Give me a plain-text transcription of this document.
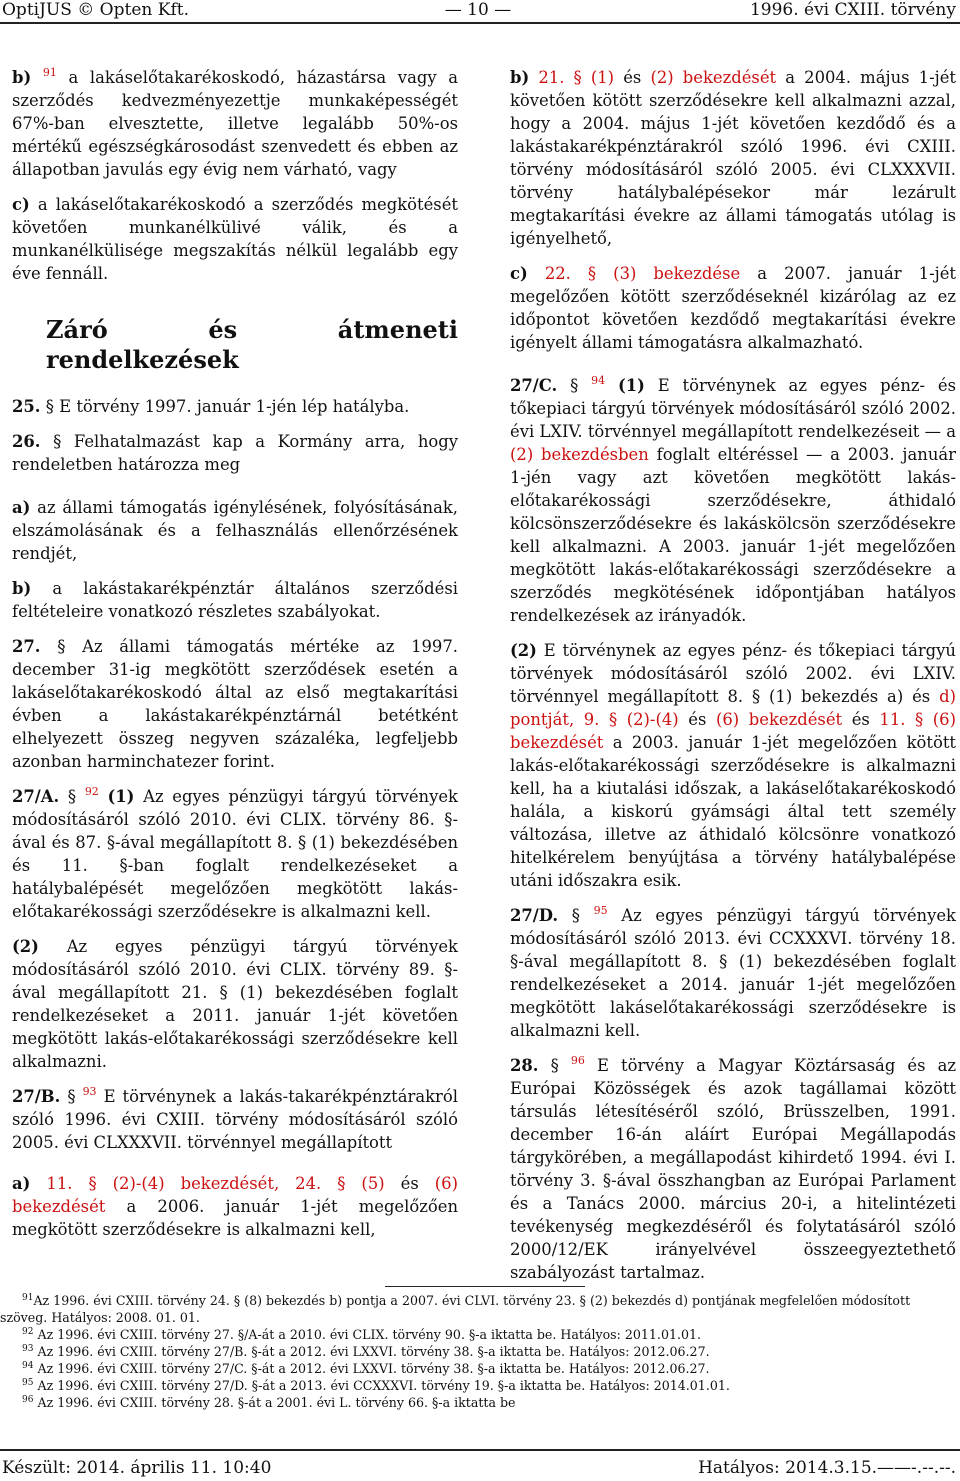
OptiJUS © Opten Kft.	— 10 —	1996. évi CXIII. törvény

b) $^{91}$ a lakáselőtakarékoskodó, házastársa vagy a szerződés kedvezményezettje munkaképességét 67%-ban elvesztette, illetve legalább 50%-os mértékű egészségkárosodást szenvedett és ebben az állapotban javulás egy évig nem várható, vagy

c) a lakáselőtakarékoskodó a szerződés megkötését követően munkanélkülivé válik, és a munkanélkülisége megszakítás nélkül legalább egy éve fennáll.

Záró és átmeneti rendelkezések

25. § E törvény 1997. január 1-jén lép hatályba.

26. § Felhatalmazást kap a Kormány arra, hogy rendeletben határozza meg

a) az állami támogatás igénylésének, folyósításának, elszámolásának és a felhasználás ellenőrzésének rendjét,

b) a lakástakarékpénztár általános szerződési feltételeire vonatkozó részletes szabályokat.

27. § Az állami támogatás mértéke az 1997. december 31-ig megkötött szerződések esetén a lakáselőtakarékoskodó által az első megtakarítási évben a lakástakarékpénztárnál betétként elhelyezett összeg negyven százaléka, legfeljebb azonban harminchatezer forint.

27/A. § $^{92}$ (1) Az egyes pénzügyi tárgyú törvények módosításáról szóló 2010. évi CLIX. törvény 86. §-ával és 87. §-ával megállapított 8. § (1) bekezdésében és 11. §-ban foglalt rendelkezéseket a hatálybalépését megelőzően megkötött lakás-előtakarékossági szerződésekre is alkalmazni kell.

(2) Az egyes pénzügyi tárgyú törvények módosításáról szóló 2010. évi CLIX. törvény 89. §-ával megállapított 21. § (1) bekezdésében foglalt rendelkezéseket a 2011. január 1-jét követően megkötött lakás-előtakarékossági szerződésekre kell alkalmazni.

27/B. § $^{93}$ E törvénynek a lakás-takarékpénztárakról szóló 1996. évi CXIII. törvény módosításáról szóló 2005. évi CLXXXVII. törvénnyel megállapított

a) 11. § (2)-(4) bekezdését, 24. § (5) és (6) bekezdését a 2006. január 1-jét megelőzően megkötött szerződésekre is alkalmazni kell,

b) 21. § (1) és (2) bekezdését a 2004. május 1-jét követően kötött szerződésekre kell alkalmazni azzal, hogy a 2004. május 1-jét követően kezdődő és a lakástakarékpénztárakról szóló 1996. évi CXIII. törvény módosításáról szóló 2005. évi CLXXXVII. törvény hatálybalépésekor már lezárult megtakarítási évekre az állami támogatás utólag is igényelhető,

c) 22. § (3) bekezdése a 2007. január 1-jét megelőzően kötött szerződéseknél kizárólag az ez időpontot követően kezdődő megtakarítási évekre igényelt állami támogatásra alkalmazható.

27/C. § $^{94}$ (1) E törvénynek az egyes pénz- és tőkepiaci tárgyú törvények módosításáról szóló 2002. évi LXIV. törvénnyel megállapított rendelkezéseit — a (2) bekezdésben foglalt eltéréssel — a 2003. január 1-jén vagy azt követően megkötött lakás-előtakarékossági szerződésekre, áthidaló kölcsönszerződésekre és lakáskölcsön szerződésekre kell alkalmazni. A 2003. január 1-jét megelőzően megkötött lakás-előtakarékossági szerződésekre a szerződés megkötésének időpontjában hatályos rendelkezések az irányadók.

(2) E törvénynek az egyes pénz- és tőkepiaci tárgyú törvények módosításáról szóló 2002. évi LXIV. törvénnyel megállapított 8. § (1) bekezdés a) és d) pontját, 9. § (2)-(4) és (6) bekezdését és 11. § (6) bekezdését a 2003. január 1-jét megelőzően kötött lakás-előtakarékossági szerződésekre is alkalmazni kell, ha a kiutalási időszak, a lakáselőtakarékoskodó halála, a kiskorú gyámsági által tett személy változása, illetve az áthidaló kölcsönre vonatkozó hitelkérelem benyújtása a törvény hatálybalépése utáni időszakra esik.

27/D. § $^{95}$ Az egyes pénzügyi tárgyú törvények módosításáról szóló 2013. évi CCXXXVI. törvény 18. §-ával megállapított 8. § (1) bekezdésében foglalt rendelkezéseket a 2014. január 1-jét megelőzően megkötött lakáselőtakarékossági szerződésekre is alkalmazni kell.

28. § $^{96}$ E törvény a Magyar Köztársaság és az Európai Közösségek és azok tagállamai között társulás létesítéséről szóló, Brüsszelben, 1991. december 16-án aláírt Európai Megállapodás tárgykörében, a megállapodást kihirdető 1994. évi I. törvény 3. §-ával összhangban az Európai Parlament és a Tanács 2000. március 20-i, a hitelintézeti tevékenység megkezdéséről és folytatásáról szóló 2000/12/EK irányelvével összeegyeztethető szabályozást tartalmaz.

$^{91}$Az 1996. évi CXIII. törvény 24. § (8) bekezdés b) pontja a 2007. évi CLVI. törvény 23. § (2) bekezdés d) pontjának megfelelően módosított szöveg. Hatályos: 2008. 01. 01.

$^{92}$ Az 1996. évi CXIII. törvény 27. §/A-át a 2010. évi CLIX. törvény 90. §-a iktatta be. Hatályos: 2011.01.01.

$^{93}$ Az 1996. évi CXIII. törvény 27/B. §-át a 2012. évi LXXVI. törvény 38. §-a iktatta be. Hatályos: 2012.06.27.

$^{94}$ Az 1996. évi CXIII. törvény 27/C. §-át a 2012. évi LXXVI. törvény 38. §-a iktatta be. Hatályos: 2012.06.27.

$^{95}$ Az 1996. évi CXIII. törvény 27/D. §-át a 2013. évi CCXXXVI. törvény 19. §-a iktatta be. Hatályos: 2014.01.01.

$^{96}$ Az 1996. évi CXIII. törvény 28. §-át a 2001. évi L. törvény 66. §-a iktatta be

Készült: 2014. április 11. 10:40	Hatályos: 2014.3.15.——-.--.--.
